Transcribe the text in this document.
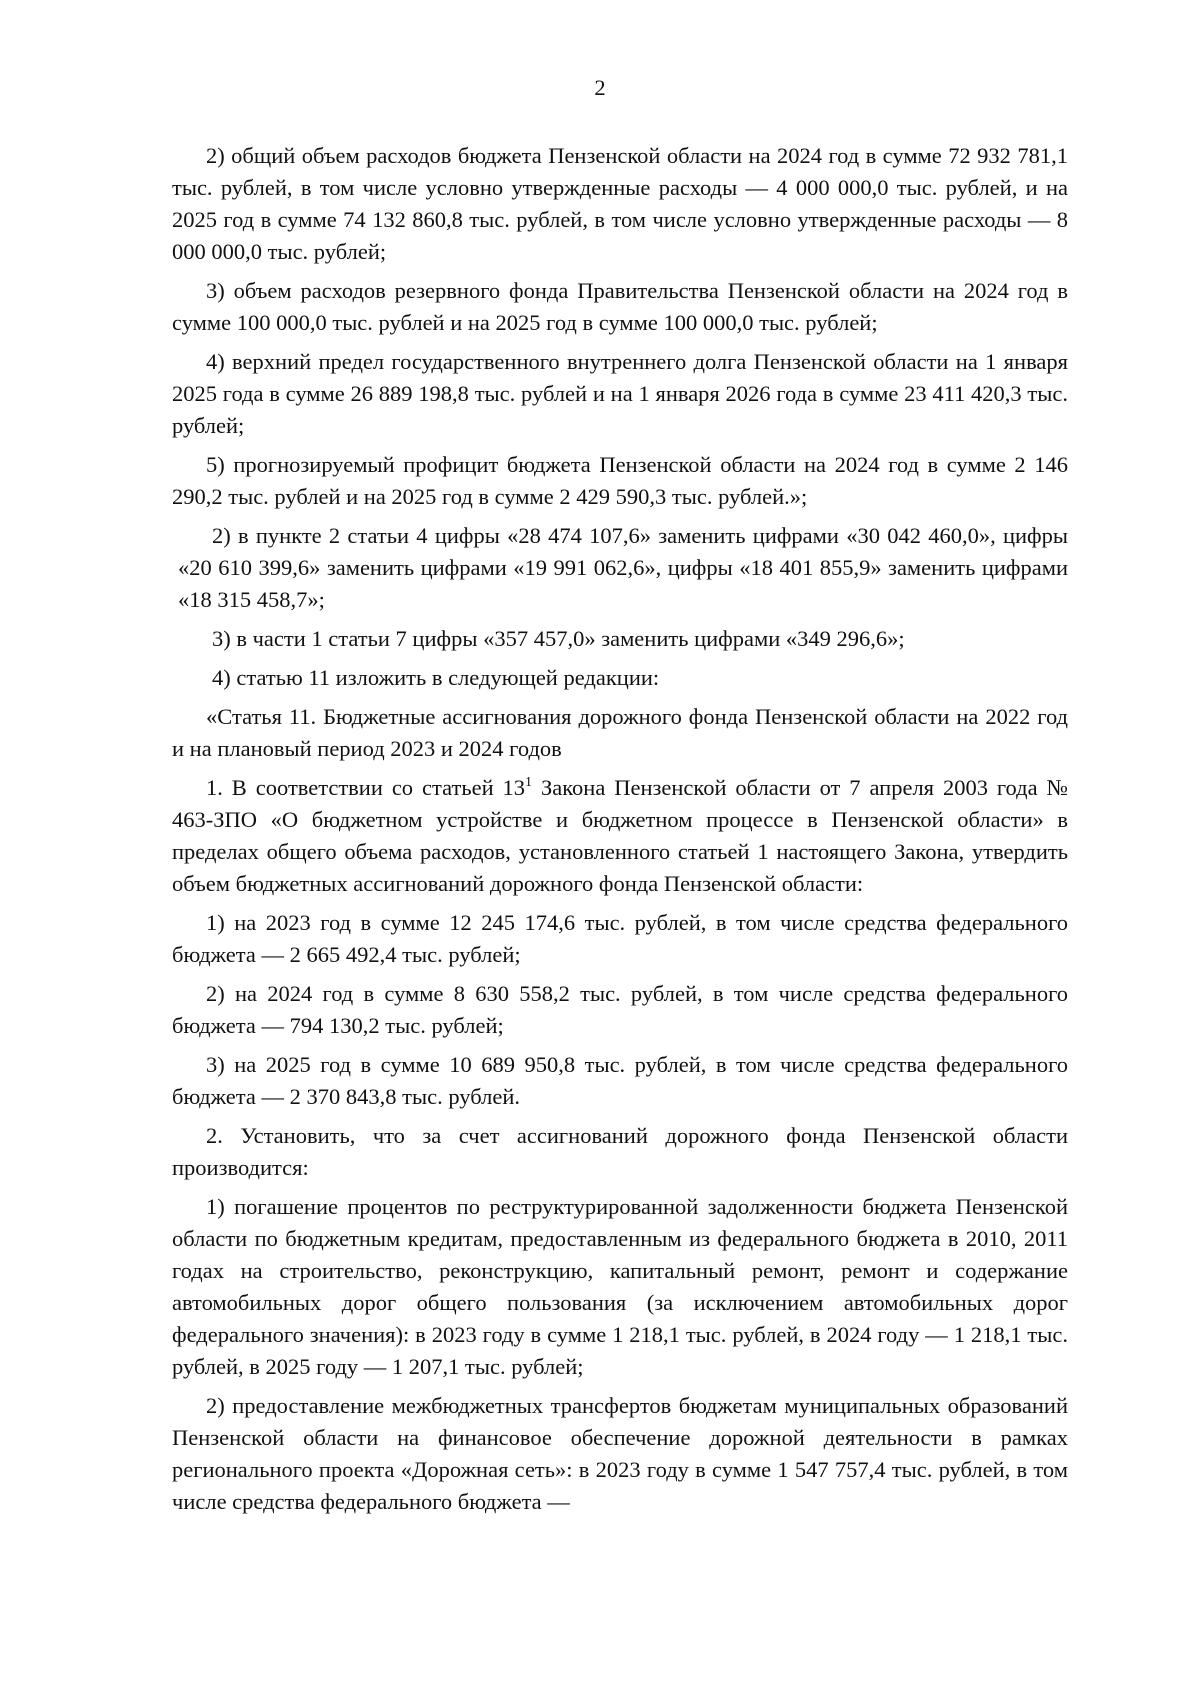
2

2) общий объем расходов бюджета Пензенской области на 2024 год в сумме 72 932 781,1 тыс. рублей, в том числе условно утвержденные расходы — 4 000 000,0 тыс. рублей, и на 2025 год в сумме 74 132 860,8 тыс. рублей, в том числе условно утвержденные расходы — 8 000 000,0 тыс. рублей;

3) объем расходов резервного фонда Правительства Пензенской области на 2024 год в сумме 100 000,0 тыс. рублей и на 2025 год в сумме 100 000,0 тыс. рублей;

4) верхний предел государственного внутреннего долга Пензенской области на 1 января 2025 года в сумме 26 889 198,8 тыс. рублей и на 1 января 2026 года в сумме 23 411 420,3 тыс. рублей;

5) прогнозируемый профицит бюджета Пензенской области на 2024 год в сумме 2 146 290,2 тыс. рублей и на 2025 год в сумме 2 429 590,3 тыс. рублей.»;

2) в пункте 2 статьи 4 цифры «28 474 107,6» заменить цифрами «30 042 460,0», цифры «20 610 399,6» заменить цифрами «19 991 062,6», цифры «18 401 855,9» заменить цифрами «18 315 458,7»;

3) в части 1 статьи 7 цифры «357 457,0» заменить цифрами «349 296,6»;

4) статью 11 изложить в следующей редакции:

«Статья 11. Бюджетные ассигнования дорожного фонда Пензенской области на 2022 год и на плановый период 2023 и 2024 годов

1. В соответствии со статьей $13^1$ Закона Пензенской области от 7 апреля 2003 года № 463-ЗПО «О бюджетном устройстве и бюджетном процессе в Пензенской области» в пределах общего объема расходов, установленного статьей 1 настоящего Закона, утвердить объем бюджетных ассигнований дорожного фонда Пензенской области:

1) на 2023 год в сумме 12 245 174,6 тыс. рублей, в том числе средства федерального бюджета — 2 665 492,4 тыс. рублей;

2) на 2024 год в сумме 8 630 558,2 тыс. рублей, в том числе средства федерального бюджета — 794 130,2 тыс. рублей;

3) на 2025 год в сумме 10 689 950,8 тыс. рублей, в том числе средства федерального бюджета — 2 370 843,8 тыс. рублей.

2. Установить, что за счет ассигнований дорожного фонда Пензенской области производится:

1) погашение процентов по реструктурированной задолженности бюджета Пензенской области по бюджетным кредитам, предоставленным из федерального бюджета в 2010, 2011 годах на строительство, реконструкцию, капитальный ремонт, ремонт и содержание автомобильных дорог общего пользования (за исключением автомобильных дорог федерального значения): в 2023 году в сумме 1 218,1 тыс. рублей, в 2024 году — 1 218,1 тыс. рублей, в 2025 году — 1 207,1 тыс. рублей;

2) предоставление межбюджетных трансфертов бюджетам муниципальных образований Пензенской области на финансовое обеспечение дорожной деятельности в рамках регионального проекта «Дорожная сеть»: в 2023 году в сумме 1 547 757,4 тыс. рублей, в том числе средства федерального бюджета —
